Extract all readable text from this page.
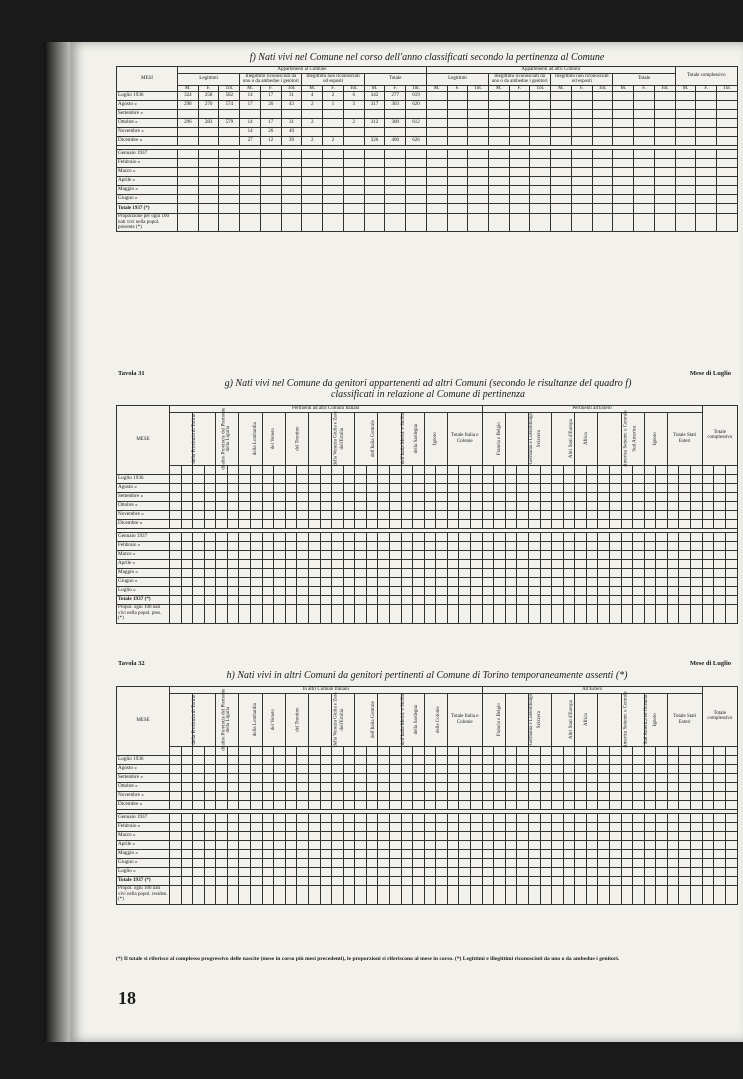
f) Nati vivi nel Comune nel corso dell'anno classificati secondo la pertinenza al Comune
MESI	Appartenenti al Comune												Appartenenti ad altri Comuni												Totale complessivo		
	Legittimi			Illegittimi riconosciuti da uno o da ambedue i genitori			Illegittimi non riconosciuti od esposti			Totale			Legittimi			Illegittimi riconosciuti da uno o da ambedue i genitori			Illegittimi non riconosciuti od esposti			Totale					
	M.	F.	Tot.	M.	F.	Tot.	M.	F.	Tot.	M.	F.	Tot.	M.	F.	Tot.	M.	F.	Tot.	M.	F.	Tot.	M.	F.	Tot.	M.	F.	Tot.
Luglio 1936	324	258	582	14	17	31	4	2	6	342	277	619															
Agosto »	298	276	574	17	26	43	2	1	3	317	303	620															
Settembre »																											
Ottobre »	296	283	579	14	17	31	2		2	312	300	612															
Novembre »				14	26	40																					
Dicembre »				27	12	39	2	2		326	400	626															

Gennaio 1937																											
Febbraio »																											
Marzo »																											
Aprile »																											
Maggio »																											
Giugno »																											
Totale 1937 (*)																											
Proporzione per ogni 100 nati vivi nella popol. presente (*)																											
Tavola 31	Mese di Luglio
g) Nati vivi nel Comune da genitori appartenenti ad altri Comuni (secondo le risultanze del quadro f) classificati in relazione al Comune di pertinenza
MESE	Pertinenti ad altri Comuni Italiani																											Pertinenti all'Estero																			Totale complessivo		
	della Provincia di Torino		di altre Provincie del Piemonte		della Liguria		della Lombardia		del Veneto		del Trentino		della Venezia Giulia e Zara		dell'Emilia		dell'Italia Centrale		dell'Italia Merid. e Sicilia		della Sardegna		Ignoto		Totale Italia e Colonie			Francia e Belgio		Germania e Lussemburgo		Svizzera		Altri Stati d'Europa		Africa		America Settentr. e Centrale		Sud America		Ignoto		Totale Stati Esteri					

Luglio 1936																																																	
Agosto »																																																	
Settembre »																																																	
Ottobre »																																																	
Novembre »																																																	
Dicembre »																																																	

Gennaio 1937																																																	
Febbraio »																																																	
Marzo »																																																	
Aprile »																																																	
Maggio »																																																	
Giugno »																																																	
Luglio »																																																	
Totale 1937 (*)																																																	
Propor. ogni 100 nati vivi nella popol. pres. (*)																																																	
Tavola 32	Mese di Luglio
h) Nati vivi in altri Comuni da genitori pertinenti al Comune di Torino temporaneamente assenti (*)
MESE	In altri Comuni Italiani																											All'Estero																			Totale complessivo		
	della Provincia di Torino		di altre Provincie del Piemonte		della Liguria		della Lombardia		del Veneto		del Trentino		della Venezia Giulia e Zara		dell'Emilia		dell'Italia Centrale		dell'Italia Merid. e Sicilia		della Sardegna		delle Colonie		Totale Italia e Colonie			Francia e Belgio		Germania e Lussemburgo		Svizzera		Altri Stati d'Europa		Africa		America Settentr. e Centrale		Sud America ed Oceania		Ignoto		Totale Stati Esteri					

Luglio 1936																																																	
Agosto »																																																	
Settembre »																																																	
Ottobre »																																																	
Novembre »																																																	
Dicembre »																																																	

Gennaio 1937																																																	
Febbraio »																																																	
Marzo »																																																	
Aprile »																																																	
Maggio »																																																	
Giugno »																																																	
Luglio »																																																	
Totale 1937 (*)																																																	
Propor. ogni 100 nati vivi nella popol. residen. (*)																																																	
(*) Il totale si riferisce al complesso progressivo delle nascite (mese in corso più mesi precedenti), le proporzioni si riferiscono al mese in corso. (*) Legittimi e illegittimi riconosciuti da uno o da ambedue i genitori.
18
